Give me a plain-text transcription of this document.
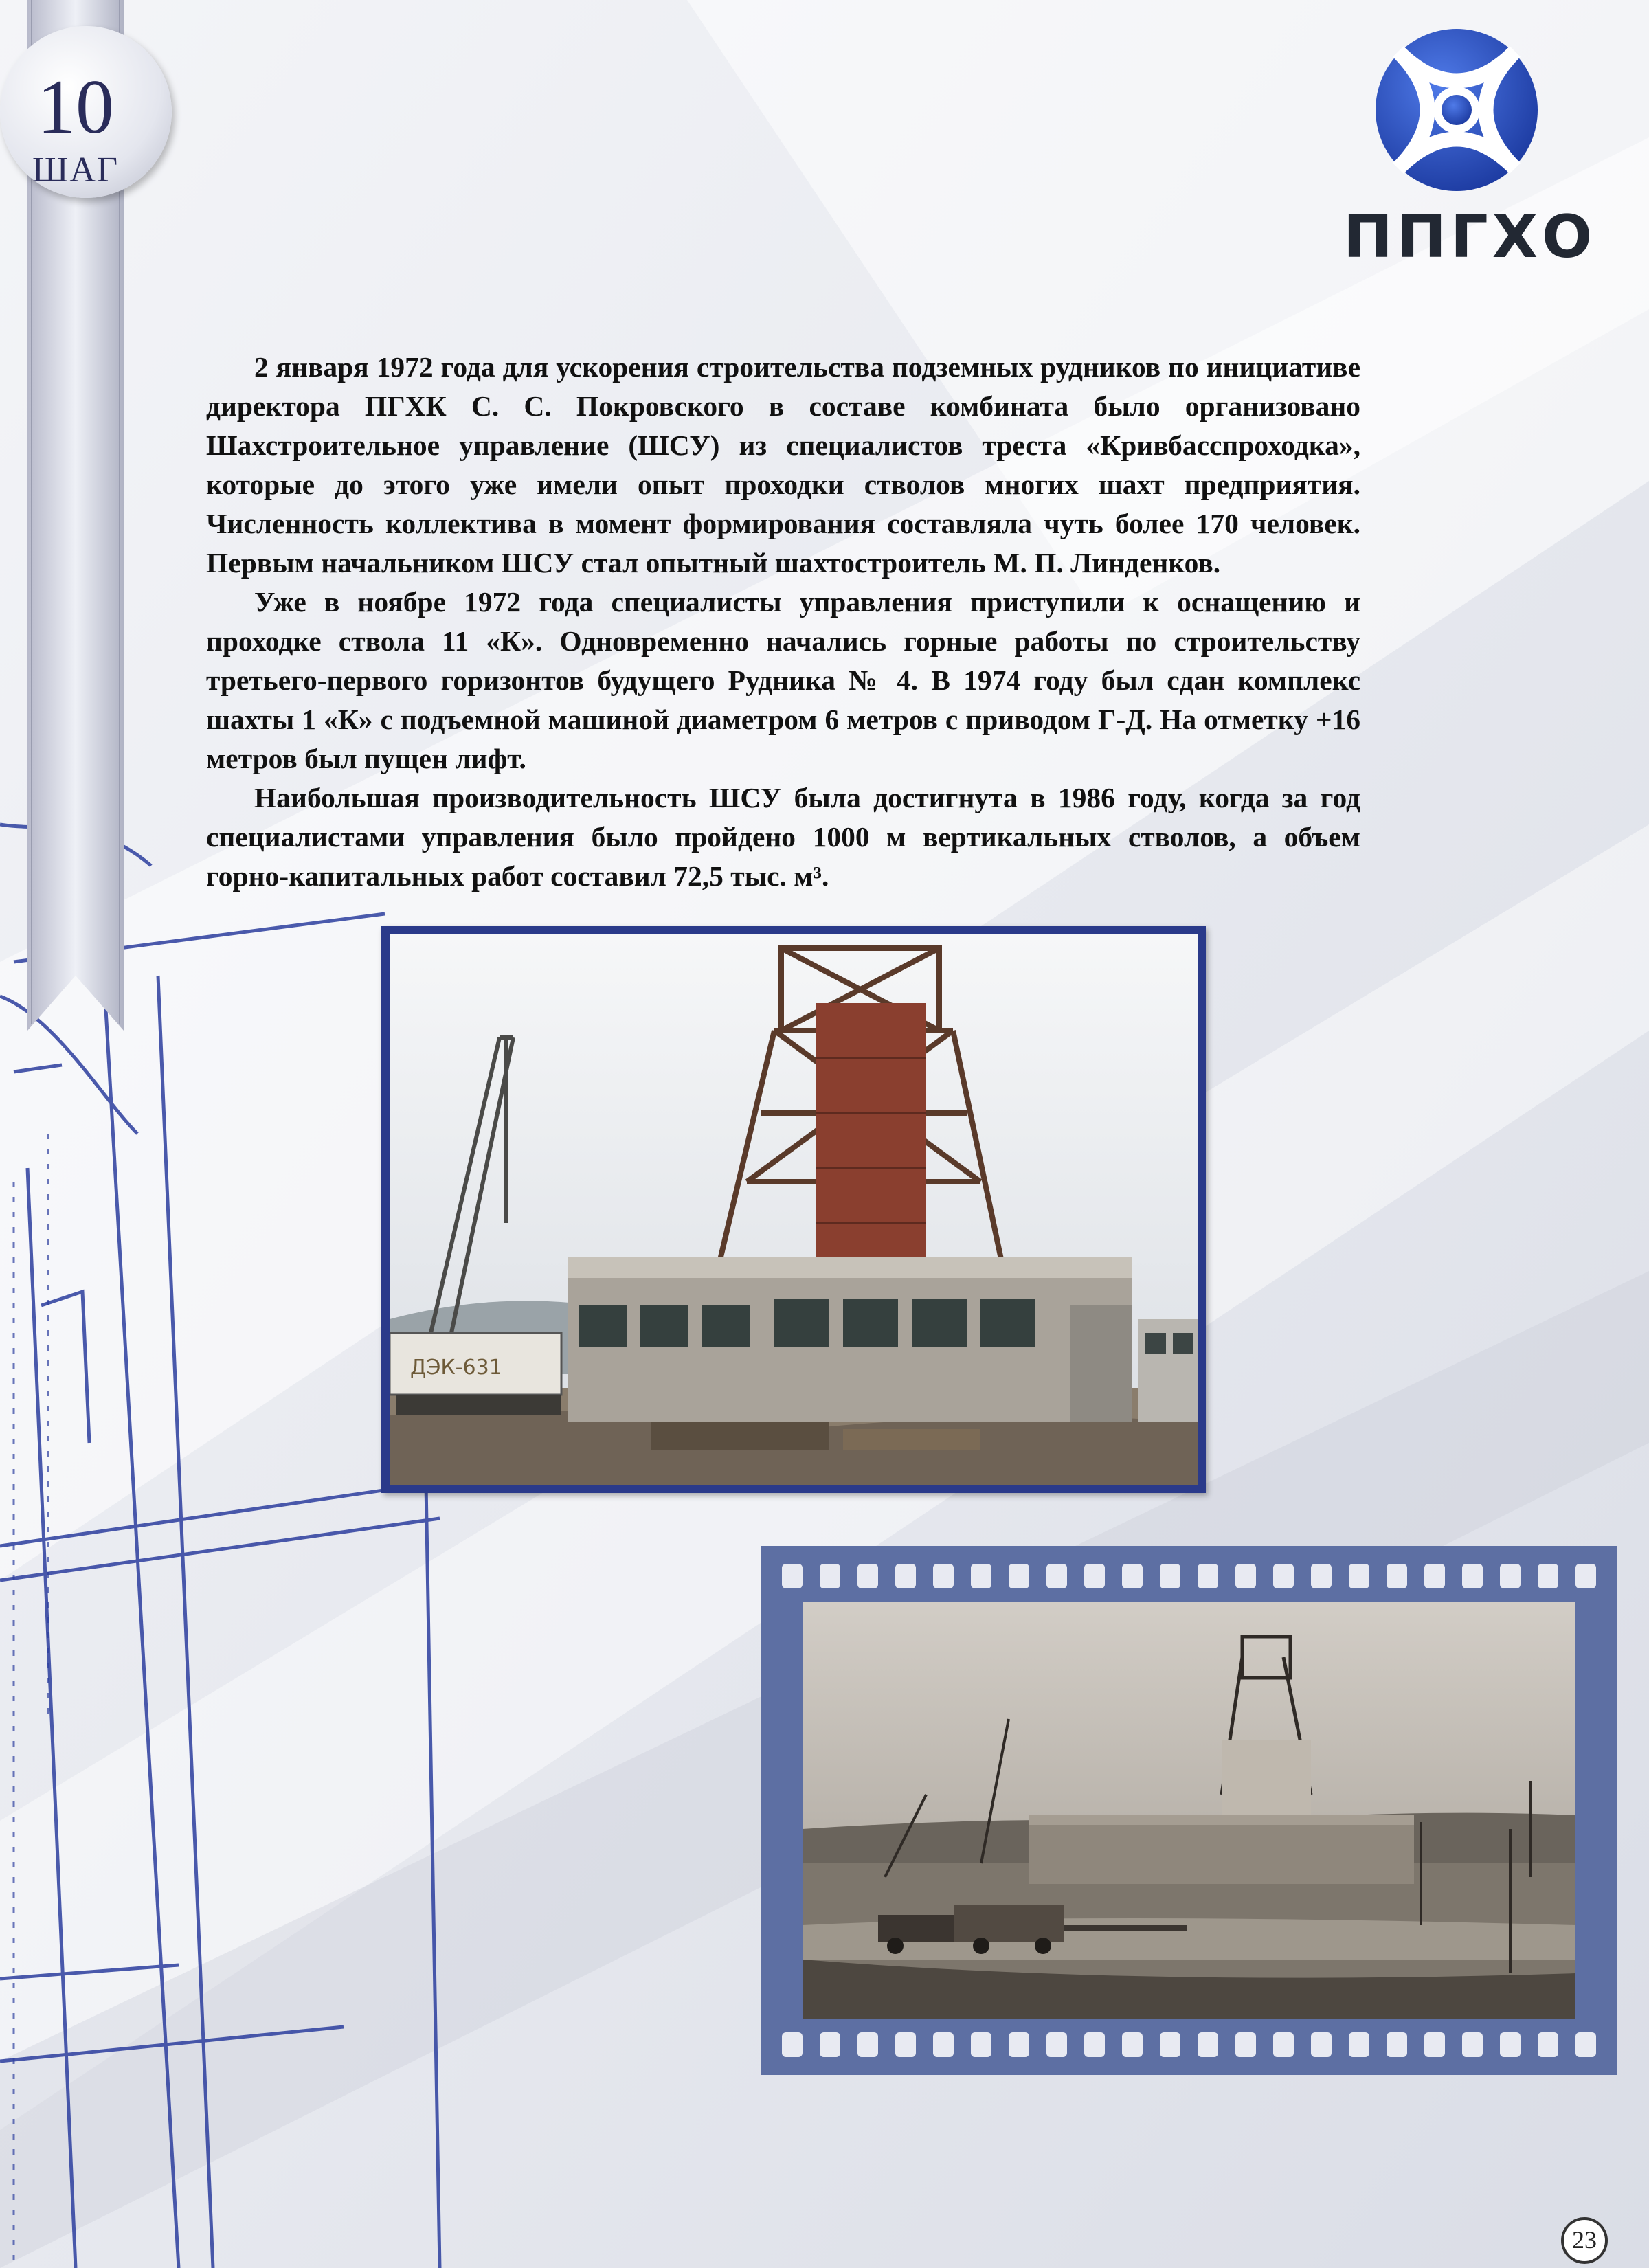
10
ШАГ
ППГХО

2 января 1972 года для ускорения строительства подземных рудников по инициативе директора ПГХК С. С. Покровского в составе комбината было организовано Шахстроительное управление (ШСУ) из специалистов треста «Кривбасспроходка», которые до этого уже имели опыт проходки стволов многих шахт предприятия. Численность коллектива в момент формирования составляла чуть более 170 человек. Первым начальником ШСУ стал опытный шахтостроитель М. П. Линденков.

Уже в ноябре 1972 года специалисты управления приступили к оснащению и проходке ствола 11 «К». Одновременно начались горные работы по строительству третьего-первого горизонтов будущего Рудника № 4. В 1974 году был сдан комплекс шахты 1 «К» с подъемной машиной диаметром 6 метров с приводом Г-Д. На отметку +16 метров был пущен лифт.

Наибольшая производительность ШСУ была достигнута в 1986 году, когда за год специалистами управления было пройдено 1000 м вертикальных стволов, а объем горно-капитальных работ составил 72,5 тыс. м³.

ДЭК-631
23
